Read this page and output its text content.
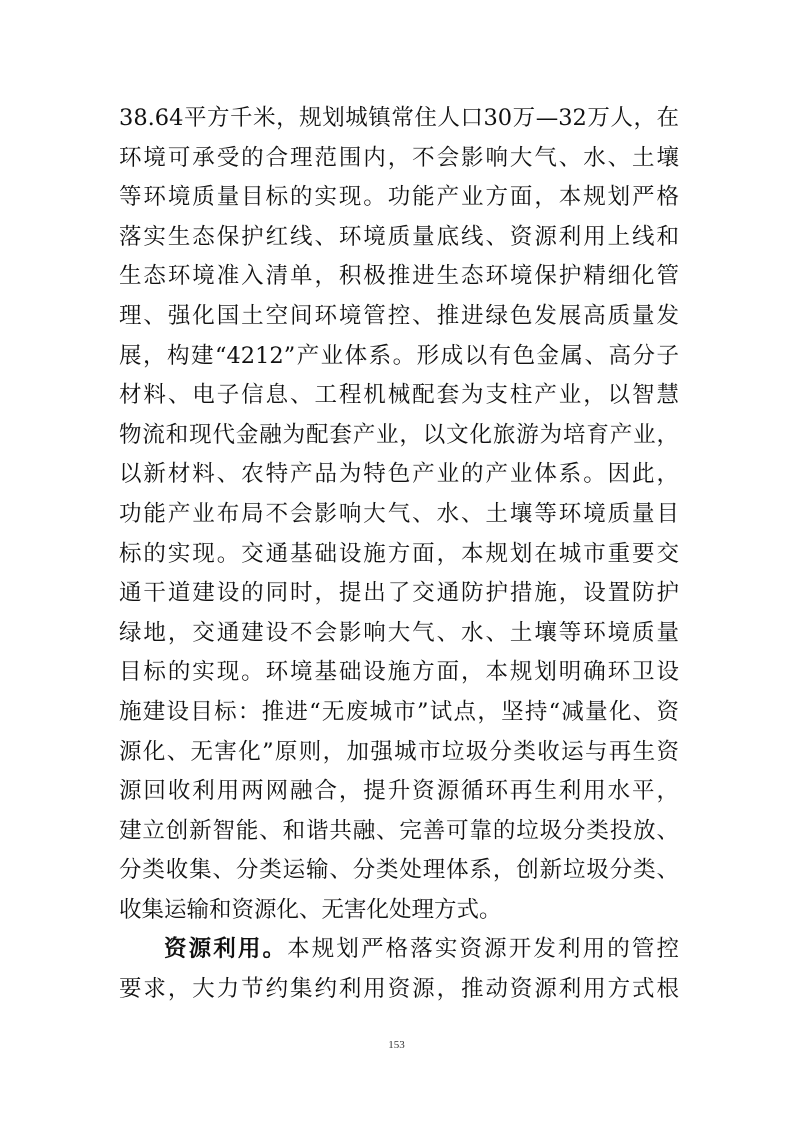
38.64平方千米，规划城镇常住人口30万—32万人，在
环境可承受的合理范围内，不会影响大气、水、土壤
等环境质量目标的实现。功能产业方面，本规划严格
落实生态保护红线、环境质量底线、资源利用上线和
生态环境准入清单，积极推进生态环境保护精细化管
理、强化国土空间环境管控、推进绿色发展高质量发
展，构建“4212”产业体系。形成以有色金属、高分子
材料、电子信息、工程机械配套为支柱产业，以智慧
物流和现代金融为配套产业，以文化旅游为培育产业，
以新材料、农特产品为特色产业的产业体系。因此，
功能产业布局不会影响大气、水、土壤等环境质量目
标的实现。交通基础设施方面，本规划在城市重要交
通干道建设的同时，提出了交通防护措施，设置防护
绿地，交通建设不会影响大气、水、土壤等环境质量
目标的实现。环境基础设施方面，本规划明确环卫设
施建设目标：推进“无废城市”试点，坚持“减量化、资
源化、无害化”原则，加强城市垃圾分类收运与再生资
源回收利用两网融合，提升资源循环再生利用水平，
建立创新智能、和谐共融、完善可靠的垃圾分类投放、
分类收集、分类运输、分类处理体系，创新垃圾分类、
收集运输和资源化、无害化处理方式。
资源利用。本规划严格落实资源开发利用的管控
要求，大力节约集约利用资源，推动资源利用方式根
153
